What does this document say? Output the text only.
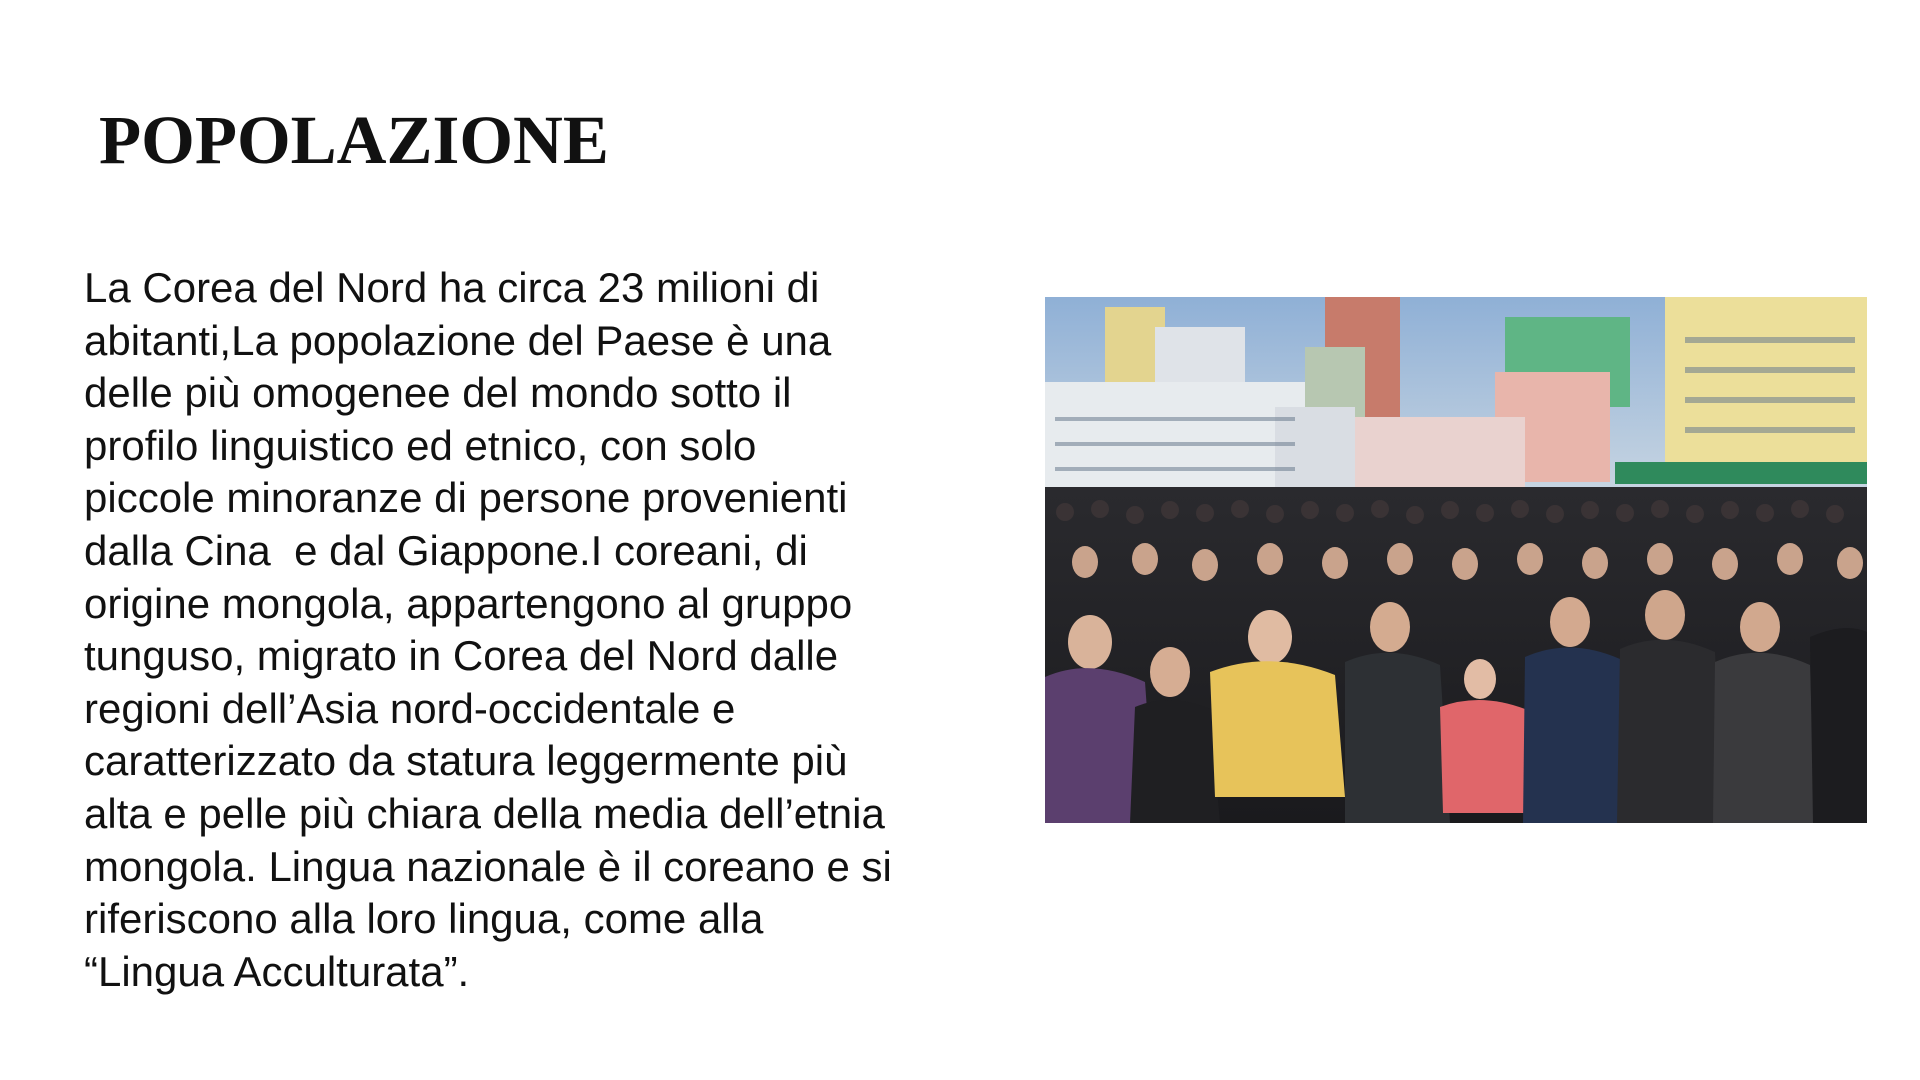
POPOLAZIONE
La Corea del Nord ha circa 23 milioni di
abitanti,La popolazione del Paese è una
delle più omogenee del mondo sotto il
profilo linguistico ed etnico, con solo
piccole minoranze di persone provenienti
dalla Cina  e dal Giappone.I coreani, di
origine mongola, appartengono al gruppo
tunguso, migrato in Corea del Nord dalle
regioni dell’Asia nord-occidentale e
caratterizzato da statura leggermente più
alta e pelle più chiara della media dell’etnia
mongola. Lingua nazionale è il coreano e si
riferiscono alla loro lingua, come alla
“Lingua Acculturata”.
